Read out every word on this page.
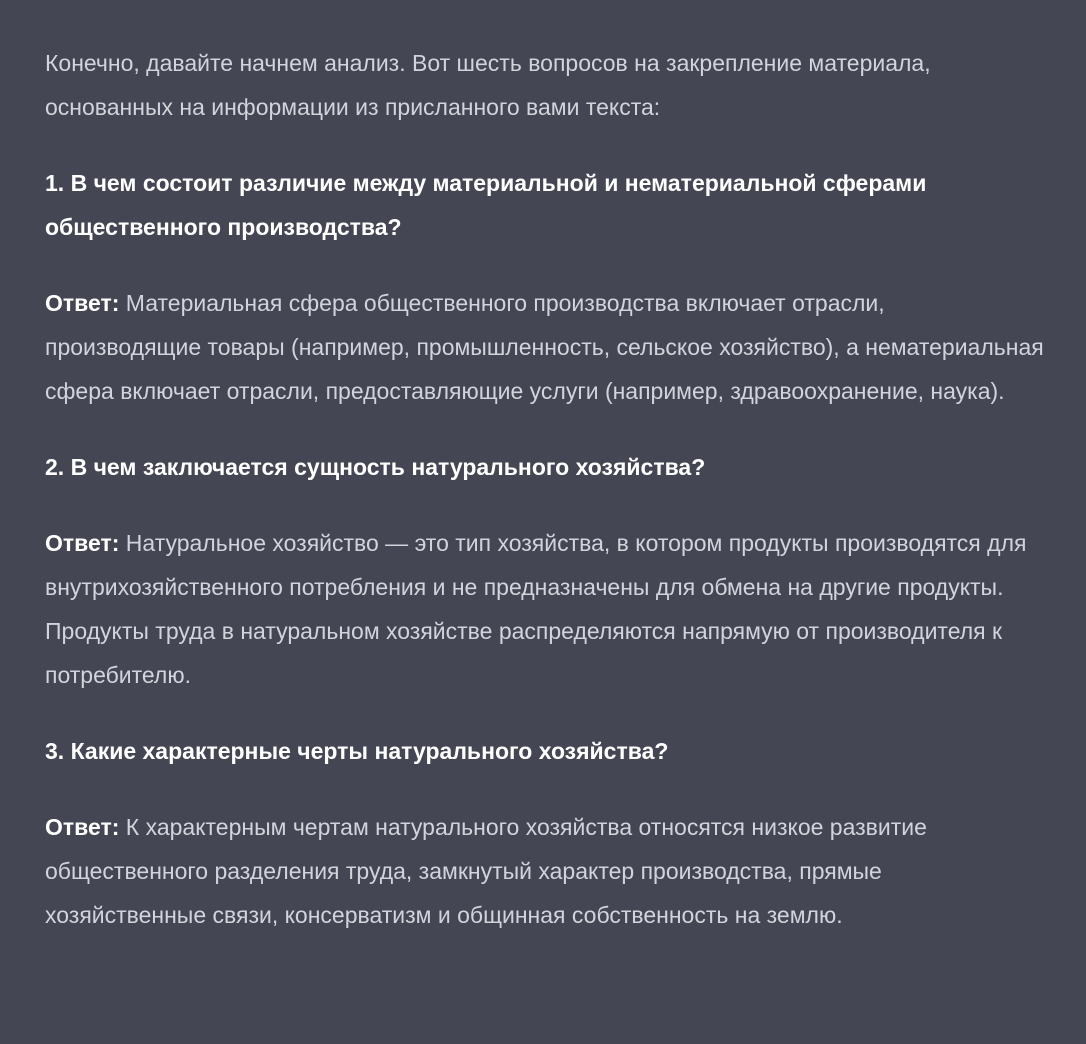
Конечно, давайте начнем анализ. Вот шесть вопросов на закрепление материала, основанных на информации из присланного вами текста:

1. В чем состоит различие между материальной и нематериальной сферами общественного производства?

Ответ: Материальная сфера общественного производства включает отрасли, производящие товары (например, промышленность, сельское хозяйство), а нематериальная сфера включает отрасли, предоставляющие услуги (например, здравоохранение, наука).

2. В чем заключается сущность натурального хозяйства?

Ответ: Натуральное хозяйство — это тип хозяйства, в котором продукты производятся для внутрихозяйственного потребления и не предназначены для обмена на другие продукты. Продукты труда в натуральном хозяйстве распределяются напрямую от производителя к потребителю.

3. Какие характерные черты натурального хозяйства?

Ответ: К характерным чертам натурального хозяйства относятся низкое развитие общественного разделения труда, замкнутый характер производства, прямые хозяйственные связи, консерватизм и общинная собственность на землю.
